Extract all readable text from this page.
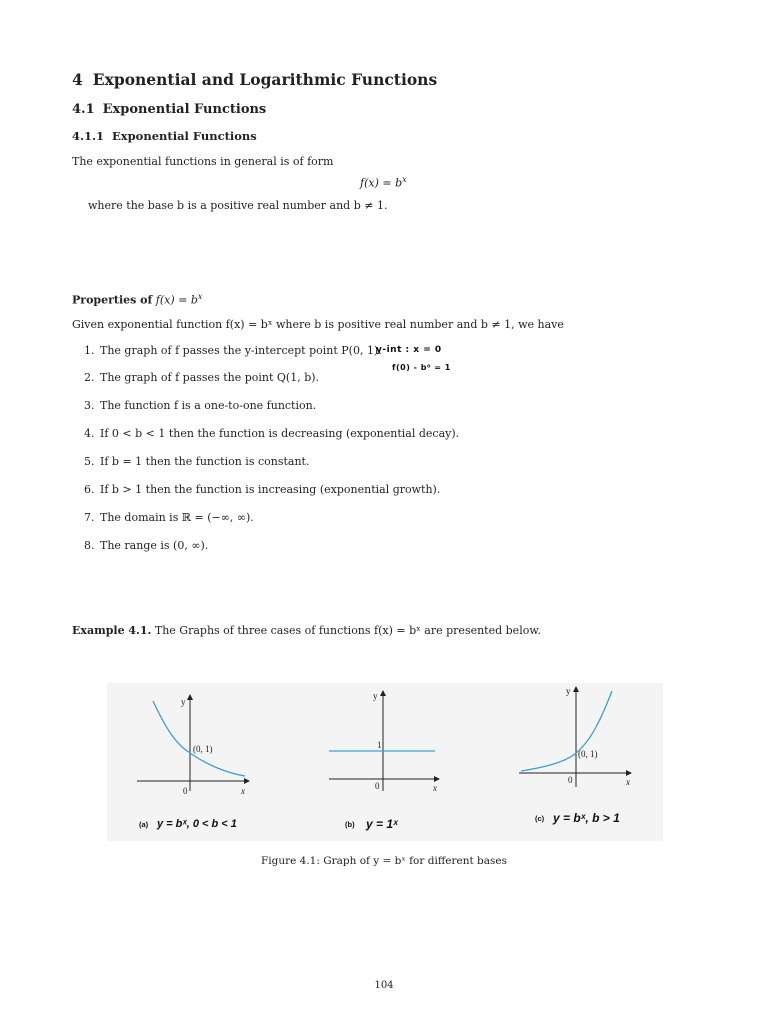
4 Exponential and Logarithmic Functions
4.1 Exponential Functions
4.1.1 Exponential Functions
The exponential functions in general is of form
$f(x) = b^x$
where the base b is a positive real number and b ≠ 1.
Properties of $f(x) = b^x$
Given exponential function f(x) = bˣ where b is positive real number and b ≠ 1, we have
1. The graph of f passes the y-intercept point P(0, 1).
2. The graph of f passes the point Q(1, b).
3. The function f is a one-to-one function.
4. If 0 < b < 1 then the function is decreasing (exponential decay).
5. If b = 1 then the function is constant.
6. If b > 1 then the function is increasing (exponential growth).
7. The domain is ℝ = (−∞, ∞).
8. The range is (0, ∞).
y-int : x = 0
f(0) - b⁰ = 1
Example 4.1. The Graphs of three cases of functions f(x) = bˣ are presented below.
y
(0, 1)
0	x
(a) y = bˣ, 0 < b < 1
y
1
0	x
(b) y = 1ˣ
y
(0, 1)
0	x
(c) y = bˣ, b > 1
Figure 4.1: Graph of y = bˣ for different bases
104
